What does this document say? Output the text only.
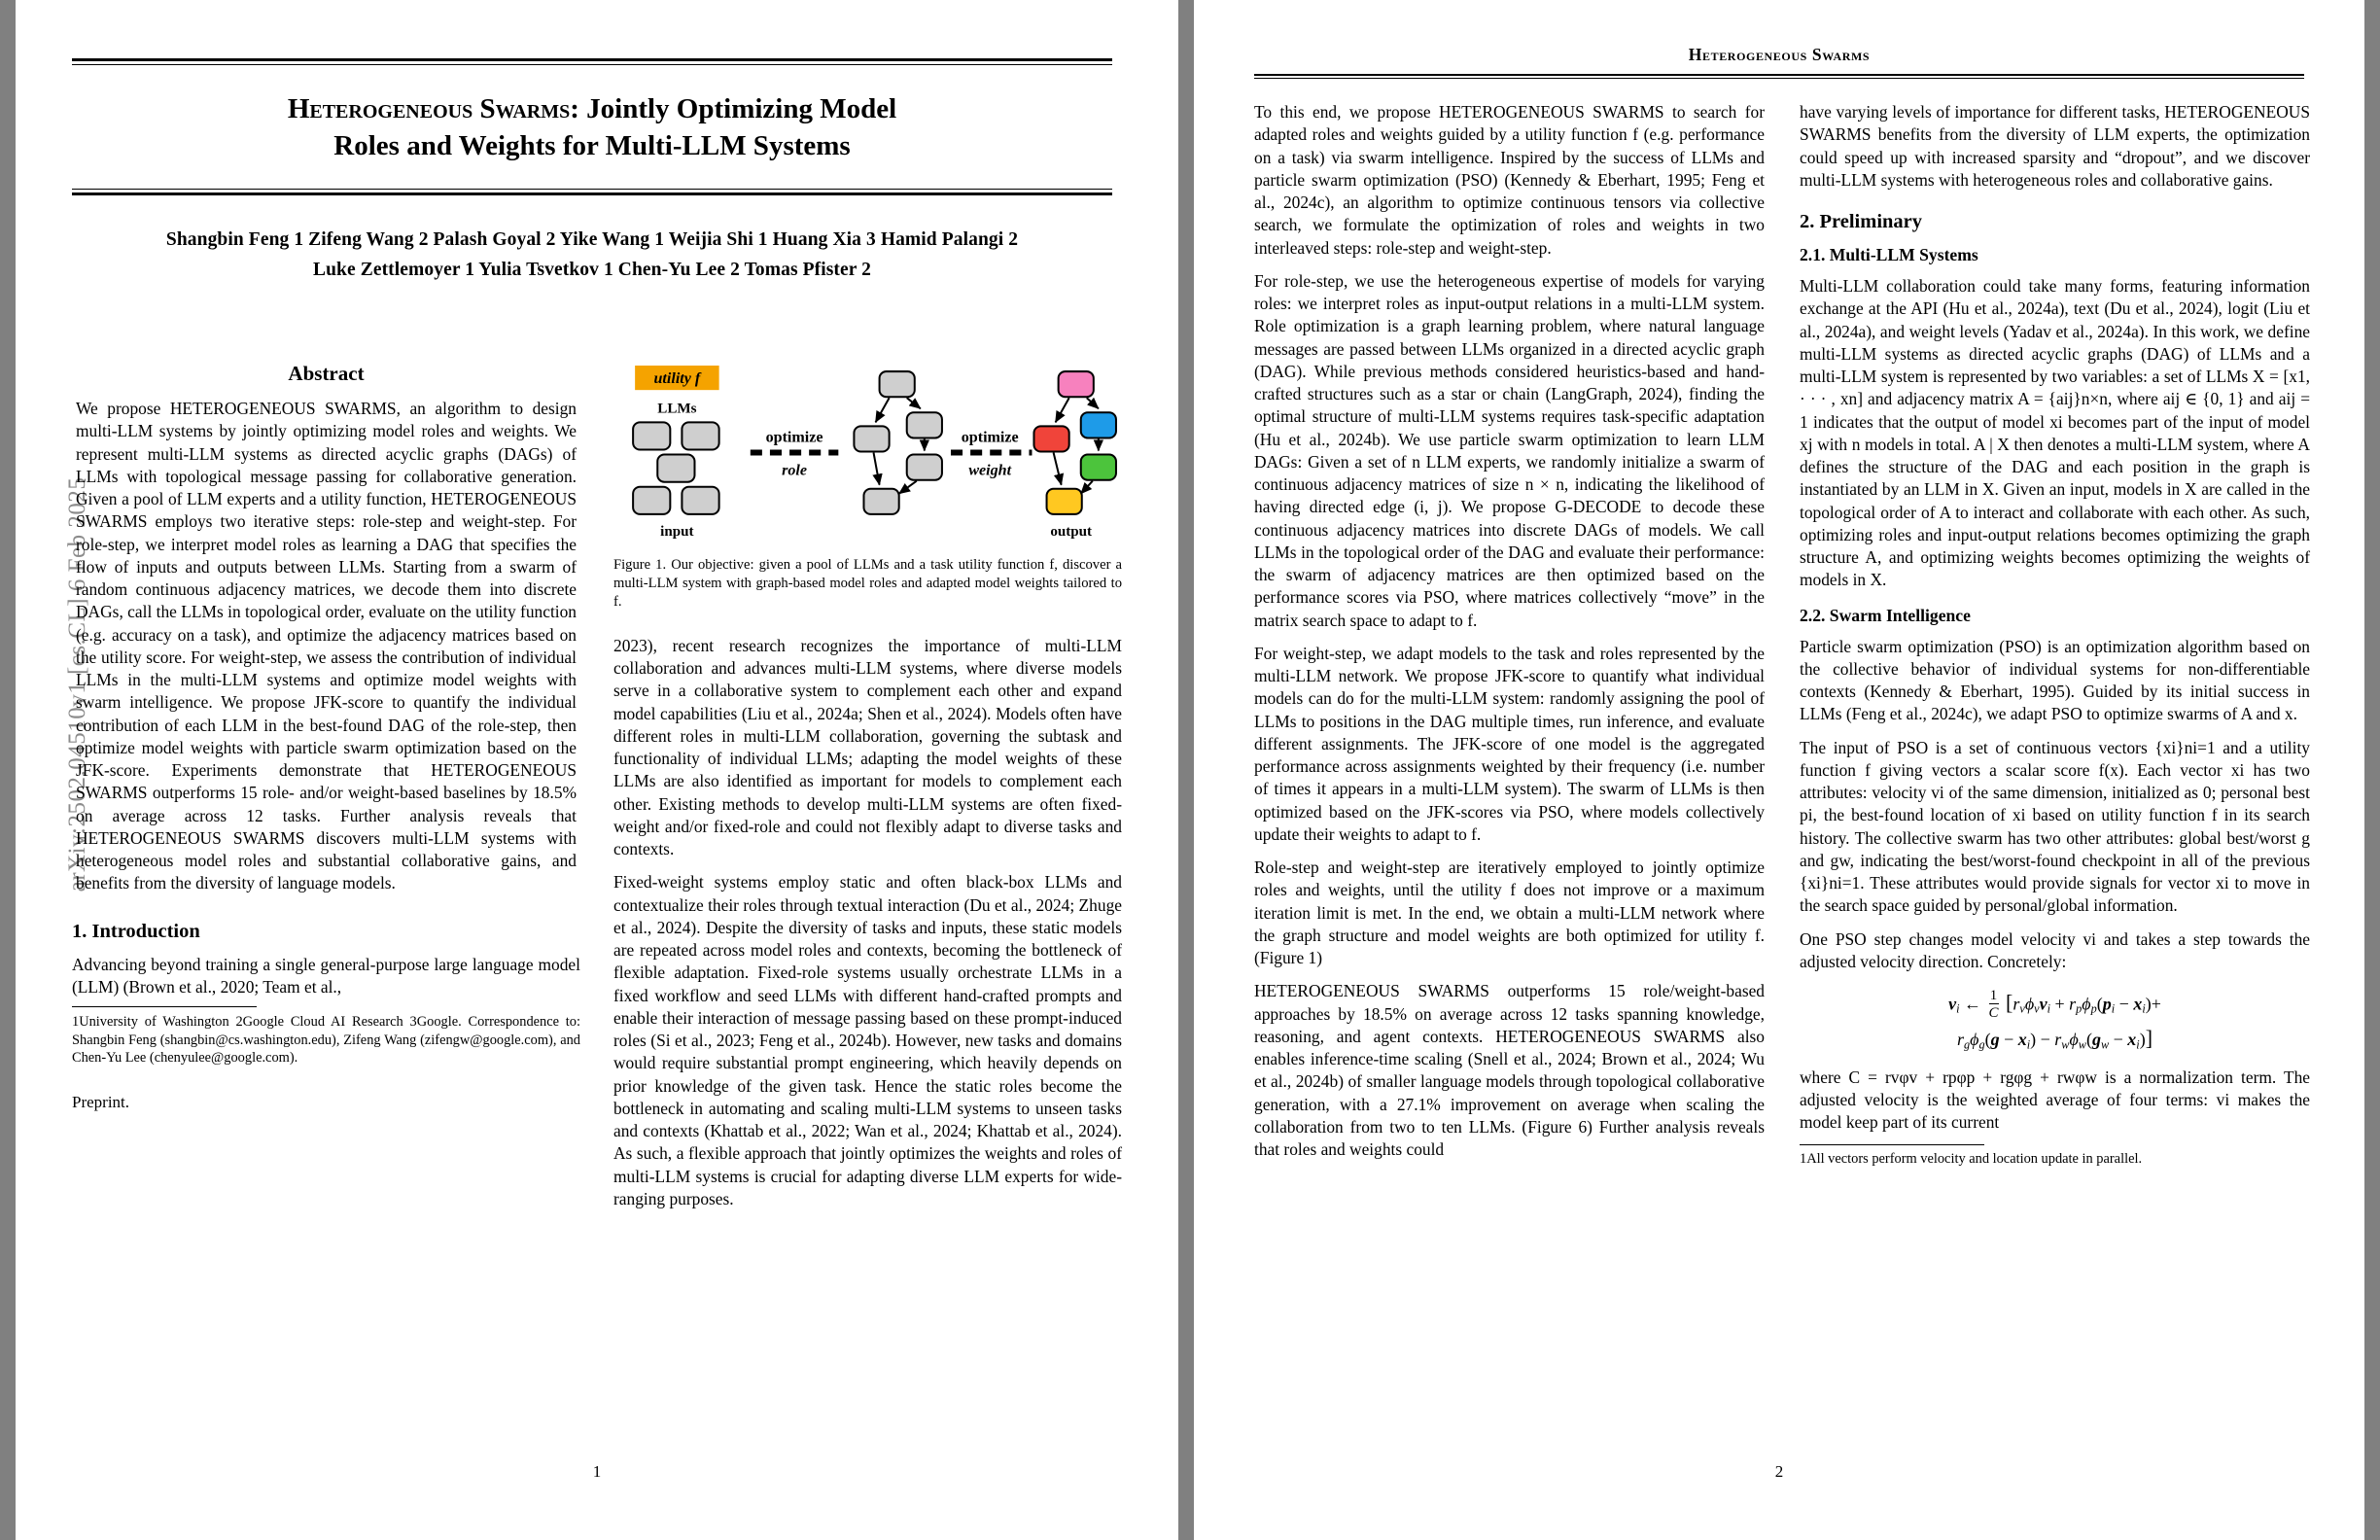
arXiv:2502.04510v1 [cs.CL] 6 Feb 2025
Heterogeneous Swarms: Jointly Optimizing Model
Roles and Weights for Multi-LLM Systems
Shangbin Feng 1 Zifeng Wang 2 Palash Goyal 2 Yike Wang 1 Weijia Shi 1 Huang Xia 3 Hamid Palangi 2
Luke Zettlemoyer 1 Yulia Tsvetkov 1 Chen-Yu Lee 2 Tomas Pfister 2
Abstract
We propose HETEROGENEOUS SWARMS, an algorithm to design multi-LLM systems by jointly optimizing model roles and weights. We represent multi-LLM systems as directed acyclic graphs (DAGs) of LLMs with topological message passing for collaborative generation. Given a pool of LLM experts and a utility function, HETEROGENEOUS SWARMS employs two iterative steps: role-step and weight-step. For role-step, we interpret model roles as learning a DAG that specifies the flow of inputs and outputs between LLMs. Starting from a swarm of random continuous adjacency matrices, we decode them into discrete DAGs, call the LLMs in topological order, evaluate on the utility function (e.g. accuracy on a task), and optimize the adjacency matrices based on the utility score. For weight-step, we assess the contribution of individual LLMs in the multi-LLM systems and optimize model weights with swarm intelligence. We propose JFK-score to quantify the individual contribution of each LLM in the best-found DAG of the role-step, then optimize model weights with particle swarm optimization based on the JFK-score. Experiments demonstrate that HETEROGENEOUS SWARMS outperforms 15 role- and/or weight-based baselines by 18.5% on average across 12 tasks. Further analysis reveals that HETEROGENEOUS SWARMS discovers multi-LLM systems with heterogeneous model roles and substantial collaborative gains, and benefits from the diversity of language models.
1. Introduction

Advancing beyond training a single general-purpose large language model (LLM) (Brown et al., 2020; Team et al.,

1University of Washington 2Google Cloud AI Research 3Google. Correspondence to: Shangbin Feng (shangbin@cs.washington.edu), Zifeng Wang (zifengw@google.com), and Chen-Yu Lee (chenyulee@google.com).
Preprint.
utility f
LLMs
input
optimize
role
optimize
weight
output
Figure 1. Our objective: given a pool of LLMs and a task utility function f, discover a multi-LLM system with graph-based model roles and adapted model weights tailored to f.

2023), recent research recognizes the importance of multi-LLM collaboration and advances multi-LLM systems, where diverse models serve in a collaborative system to complement each other and expand model capabilities (Liu et al., 2024a; Shen et al., 2024). Models often have different roles in multi-LLM collaboration, governing the subtask and functionality of individual LLMs; adapting the model weights of these LLMs are also identified as important for models to complement each other. Existing methods to develop multi-LLM systems are often fixed-weight and/or fixed-role and could not flexibly adapt to diverse tasks and contexts.

Fixed-weight systems employ static and often black-box LLMs and contextualize their roles through textual interaction (Du et al., 2024; Zhuge et al., 2024). Despite the diversity of tasks and inputs, these static models are repeated across model roles and contexts, becoming the bottleneck of flexible adaptation. Fixed-role systems usually orchestrate LLMs in a fixed workflow and seed LLMs with different hand-crafted prompts and enable their interaction of message passing based on these prompt-induced roles (Si et al., 2023; Feng et al., 2024b). However, new tasks and domains would require substantial prompt engineering, which heavily depends on prior knowledge of the given task. Hence the static roles become the bottleneck in automating and scaling multi-LLM systems to unseen tasks and contexts (Khattab et al., 2022; Wan et al., 2024; Khattab et al., 2024). As such, a flexible approach that jointly optimizes the weights and roles of multi-LLM systems is crucial for adapting diverse LLM experts for wide-ranging purposes.

1
Heterogeneous Swarms

To this end, we propose HETEROGENEOUS SWARMS to search for adapted roles and weights guided by a utility function f (e.g. performance on a task) via swarm intelligence. Inspired by the success of LLMs and particle swarm optimization (PSO) (Kennedy & Eberhart, 1995; Feng et al., 2024c), an algorithm to optimize continuous tensors via collective search, we formulate the optimization of roles and weights in two interleaved steps: role-step and weight-step.

For role-step, we use the heterogeneous expertise of models for varying roles: we interpret roles as input-output relations in a multi-LLM system. Role optimization is a graph learning problem, where natural language messages are passed between LLMs organized in a directed acyclic graph (DAG). While previous methods considered heuristics-based and hand-crafted structures such as a star or chain (LangGraph, 2024), finding the optimal structure of multi-LLM systems requires task-specific adaptation (Hu et al., 2024b). We use particle swarm optimization to learn LLM DAGs: Given a set of n LLM experts, we randomly initialize a swarm of continuous adjacency matrices of size n × n, indicating the likelihood of having directed edge (i, j). We propose G-DECODE to decode these continuous adjacency matrices into discrete DAGs of models. We call LLMs in the topological order of the DAG and evaluate their performance: the swarm of adjacency matrices are then optimized based on the performance scores via PSO, where matrices collectively “move” in the matrix search space to adapt to f.

For weight-step, we adapt models to the task and roles represented by the multi-LLM network. We propose JFK-score to quantify what individual models can do for the multi-LLM system: randomly assigning the pool of LLMs to positions in the DAG multiple times, run inference, and evaluate different assignments. The JFK-score of one model is the aggregated performance across assignments weighted by their frequency (i.e. number of times it appears in a multi-LLM system). The swarm of LLMs is then optimized based on the JFK-scores via PSO, where models collectively update their weights to adapt to f.

Role-step and weight-step are iteratively employed to jointly optimize roles and weights, until the utility f does not improve or a maximum iteration limit is met. In the end, we obtain a multi-LLM network where the graph structure and model weights are both optimized for utility f. (Figure 1)

HETEROGENEOUS SWARMS outperforms 15 role/weight-based approaches by 18.5% on average across 12 tasks spanning knowledge, reasoning, and agent contexts. HETEROGENEOUS SWARMS also enables inference-time scaling (Snell et al., 2024; Brown et al., 2024; Wu et al., 2024b) of smaller language models through topological collaborative generation, with a 27.1% improvement on average when scaling the collaboration from two to ten LLMs. (Figure 6) Further analysis reveals that roles and weights could

have varying levels of importance for different tasks, HETEROGENEOUS SWARMS benefits from the diversity of LLM experts, the optimization could speed up with increased sparsity and “dropout”, and we discover multi-LLM systems with heterogeneous roles and collaborative gains.

2. Preliminary
2.1. Multi-LLM Systems

Multi-LLM collaboration could take many forms, featuring information exchange at the API (Hu et al., 2024a), text (Du et al., 2024), logit (Liu et al., 2024a), and weight levels (Yadav et al., 2024a). In this work, we define multi-LLM systems as directed acyclic graphs (DAG) of LLMs and a multi-LLM system is represented by two variables: a set of LLMs X = [x1, · · · , xn] and adjacency matrix A = {aij}n×n, where aij ∈ {0, 1} and aij = 1 indicates that the output of model xi becomes part of the input of model xj with n models in total. A | X then denotes a multi-LLM system, where A defines the structure of the DAG and each position in the graph is instantiated by an LLM in X. Given an input, models in X are called in the topological order of A to interact and collaborate with each other. As such, optimizing roles and input-output relations becomes optimizing the graph structure A, and optimizing weights becomes optimizing the weights of models in X.

2.2. Swarm Intelligence

Particle swarm optimization (PSO) is an optimization algorithm based on the collective behavior of individual systems for non-differentiable contexts (Kennedy & Eberhart, 1995). Guided by its initial success in LLMs (Feng et al., 2024c), we adapt PSO to optimize swarms of A and x.

The input of PSO is a set of continuous vectors {xi}ni=1 and a utility function f giving vectors a scalar score f(x). Each vector xi has two attributes: velocity vi of the same dimension, initialized as 0; personal best pi, the best-found location of xi based on utility function f in its search history. The collective swarm has two other attributes: global best/worst g and gw, indicating the best/worst-found checkpoint in all of the previous {xi}ni=1. These attributes would provide signals for vector xi to move in the search space guided by personal/global information.

One PSO step changes model velocity vi and takes a step towards the adjusted velocity direction. Concretely:

$v_i$ ← $\frac{1}{C} [r_v\phi_vv_i + r_p\phi_p(p_i - x_i)+$
$r_g\phi_g(g - x_i) - r_w\phi_w(g_w - x_i)$]

where C = rvφv + rpφp + rgφg + rwφw is a normalization term. The adjusted velocity is the weighted average of four terms: vi makes the model keep part of its current

1All vectors perform velocity and location update in parallel.
2
